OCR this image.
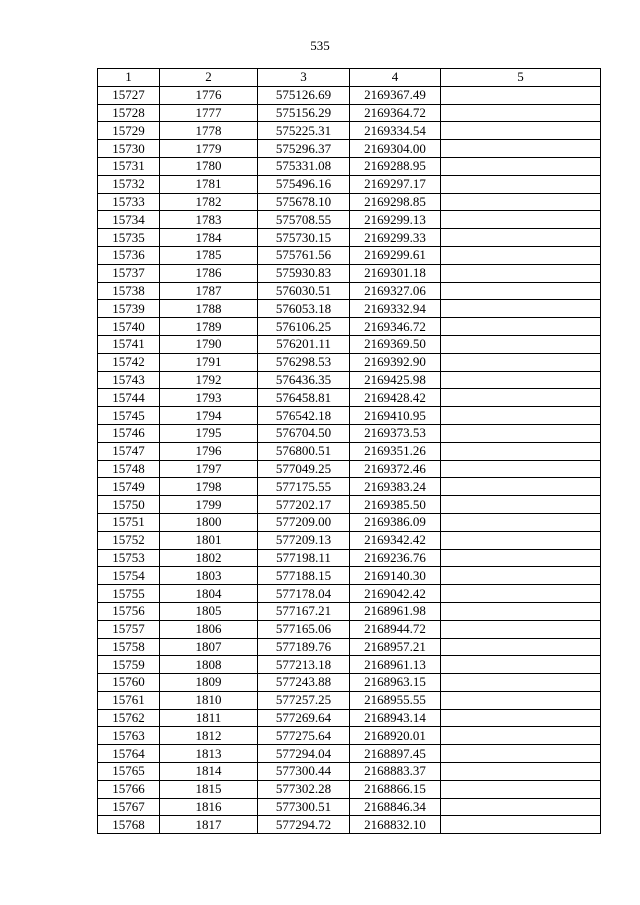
535
1	2	3	4	5
15727	1776	575126.69	2169367.49	
15728	1777	575156.29	2169364.72	
15729	1778	575225.31	2169334.54	
15730	1779	575296.37	2169304.00	
15731	1780	575331.08	2169288.95	
15732	1781	575496.16	2169297.17	
15733	1782	575678.10	2169298.85	
15734	1783	575708.55	2169299.13	
15735	1784	575730.15	2169299.33	
15736	1785	575761.56	2169299.61	
15737	1786	575930.83	2169301.18	
15738	1787	576030.51	2169327.06	
15739	1788	576053.18	2169332.94	
15740	1789	576106.25	2169346.72	
15741	1790	576201.11	2169369.50	
15742	1791	576298.53	2169392.90	
15743	1792	576436.35	2169425.98	
15744	1793	576458.81	2169428.42	
15745	1794	576542.18	2169410.95	
15746	1795	576704.50	2169373.53	
15747	1796	576800.51	2169351.26	
15748	1797	577049.25	2169372.46	
15749	1798	577175.55	2169383.24	
15750	1799	577202.17	2169385.50	
15751	1800	577209.00	2169386.09	
15752	1801	577209.13	2169342.42	
15753	1802	577198.11	2169236.76	
15754	1803	577188.15	2169140.30	
15755	1804	577178.04	2169042.42	
15756	1805	577167.21	2168961.98	
15757	1806	577165.06	2168944.72	
15758	1807	577189.76	2168957.21	
15759	1808	577213.18	2168961.13	
15760	1809	577243.88	2168963.15	
15761	1810	577257.25	2168955.55	
15762	1811	577269.64	2168943.14	
15763	1812	577275.64	2168920.01	
15764	1813	577294.04	2168897.45	
15765	1814	577300.44	2168883.37	
15766	1815	577302.28	2168866.15	
15767	1816	577300.51	2168846.34	
15768	1817	577294.72	2168832.10	
